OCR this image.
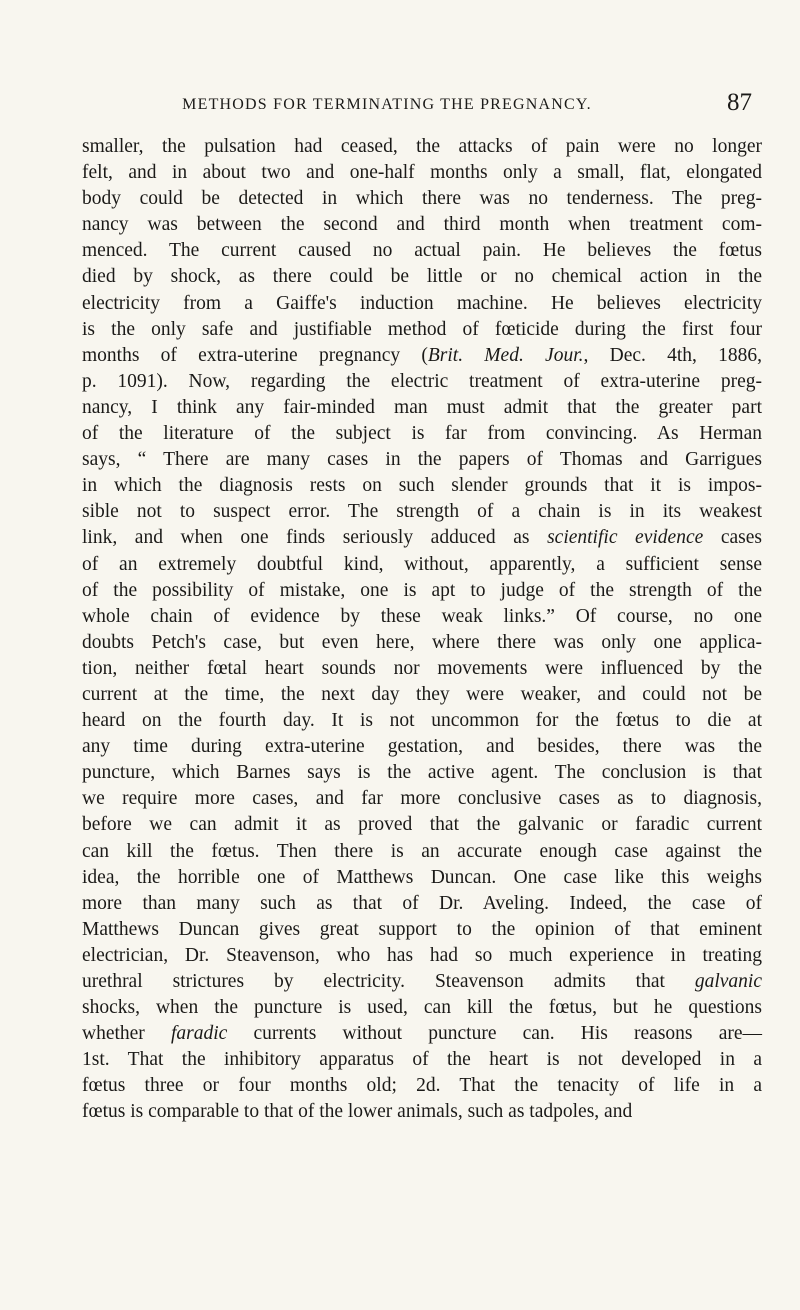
METHODS FOR TERMINATING THE PREGNANCY.	87
smaller, the pulsation had ceased, the attacks of pain were no longer
felt, and in about two and one-half months only a small, flat, elongated
body could be detected in which there was no tenderness. The preg-
nancy was between the second and third month when treatment com-
menced. The current caused no actual pain. He believes the fœtus
died by shock, as there could be little or no chemical action in the
electricity from a Gaiffe's induction machine. He believes electricity
is the only safe and justifiable method of fœticide during the first four
months of extra-uterine pregnancy (Brit. Med. Jour., Dec. 4th, 1886,
p. 1091). Now, regarding the electric treatment of extra-uterine preg-
nancy, I think any fair-minded man must admit that the greater part
of the literature of the subject is far from convincing. As Herman
says, “ There are many cases in the papers of Thomas and Garrigues
in which the diagnosis rests on such slender grounds that it is impos-
sible not to suspect error. The strength of a chain is in its weakest
link, and when one finds seriously adduced as scientific evidence cases
of an extremely doubtful kind, without, apparently, a sufficient sense
of the possibility of mistake, one is apt to judge of the strength of the
whole chain of evidence by these weak links.” Of course, no one
doubts Petch's case, but even here, where there was only one applica-
tion, neither fœtal heart sounds nor movements were influenced by the
current at the time, the next day they were weaker, and could not be
heard on the fourth day. It is not uncommon for the fœtus to die at
any time during extra-uterine gestation, and besides, there was the
puncture, which Barnes says is the active agent. The conclusion is that
we require more cases, and far more conclusive cases as to diagnosis,
before we can admit it as proved that the galvanic or faradic current
can kill the fœtus. Then there is an accurate enough case against the
idea, the horrible one of Matthews Duncan. One case like this weighs
more than many such as that of Dr. Aveling. Indeed, the case of
Matthews Duncan gives great support to the opinion of that eminent
electrician, Dr. Steavenson, who has had so much experience in treating
urethral strictures by electricity. Steavenson admits that galvanic
shocks, when the puncture is used, can kill the fœtus, but he questions
whether faradic currents without puncture can. His reasons are—
1st. That the inhibitory apparatus of the heart is not developed in a
fœtus three or four months old; 2d. That the tenacity of life in a
fœtus is comparable to that of the lower animals, such as tadpoles, and
